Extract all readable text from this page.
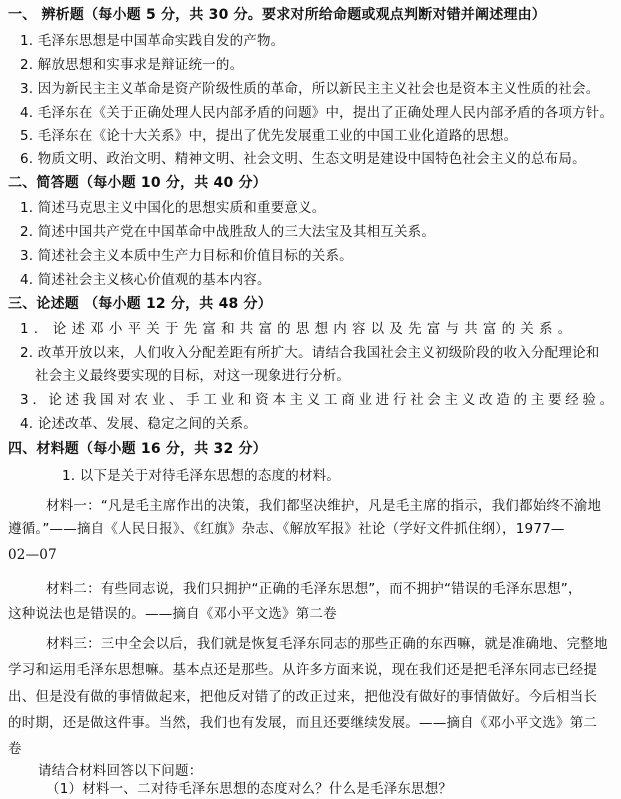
一、 辨析题（每小题 5 分，共 30 分。要求对所给命题或观点判断对错并阐述理由）
1. 毛泽东思想是中国革命实践自发的产物。
2. 解放思想和实事求是辩证统一的。
3. 因为新民主主义革命是资产阶级性质的革命，所以新民主主义社会也是资本主义性质的社会。
4. 毛泽东在《关于正确处理人民内部矛盾的问题》中，提出了正确处理人民内部矛盾的各项方针。
5. 毛泽东在《论十大关系》中，提出了优先发展重工业的中国工业化道路的思想。
6. 物质文明、政治文明、精神文明、社会文明、生态文明是建设中国特色社会主义的总布局。
二、简答题（每小题 10 分，共 40 分）
1. 简述马克思主义中国化的思想实质和重要意义。
2. 简述中国共产党在中国革命中战胜敌人的三大法宝及其相互关系。
3. 简述社会主义本质中生产力目标和价值目标的关系。
4. 简述社会主义核心价值观的基本内容。
三、论述题 （每小题 12 分，共 48 分）
1. 论述邓小平关于先富和共富的思想内容以及先富与共富的关系。
2. 改革开放以来，人们收入分配差距有所扩大。请结合我国社会主义初级阶段的收入分配理论和
社会主义最终要实现的目标，对这一现象进行分析。
3. 论述我国对农业、手工业和资本主义工商业进行社会主义改造的主要经验。
4. 论述改革、发展、稳定之间的关系。
四、材料题（每小题 16 分，共 32 分）
1. 以下是关于对待毛泽东思想的态度的材料。
材料一：“凡是毛主席作出的决策，我们都坚决维护，凡是毛主席的指示，我们都始终不渝地
遵循。”——摘自《人民日报》、《红旗》杂志、《解放军报》社论（学好文件抓住纲），1977—
02—07
材料二：有些同志说，我们只拥护“正确的毛泽东思想”，而不拥护“错误的毛泽东思想”，
这种说法也是错误的。——摘自《邓小平文选》第二卷
材料三：三中全会以后，我们就是恢复毛泽东同志的那些正确的东西嘛，就是准确地、完整地
学习和运用毛泽东思想嘛。基本点还是那些。从许多方面来说，现在我们还是把毛泽东同志已经提
出、但是没有做的事情做起来，把他反对错了的改正过来，把他没有做好的事情做好。今后相当长
的时期，还是做这件事。当然，我们也有发展，而且还要继续发展。——摘自《邓小平文选》第二
卷
请结合材料回答以下问题：
（1）材料一、二对待毛泽东思想的态度对么？什么是毛泽东思想？
